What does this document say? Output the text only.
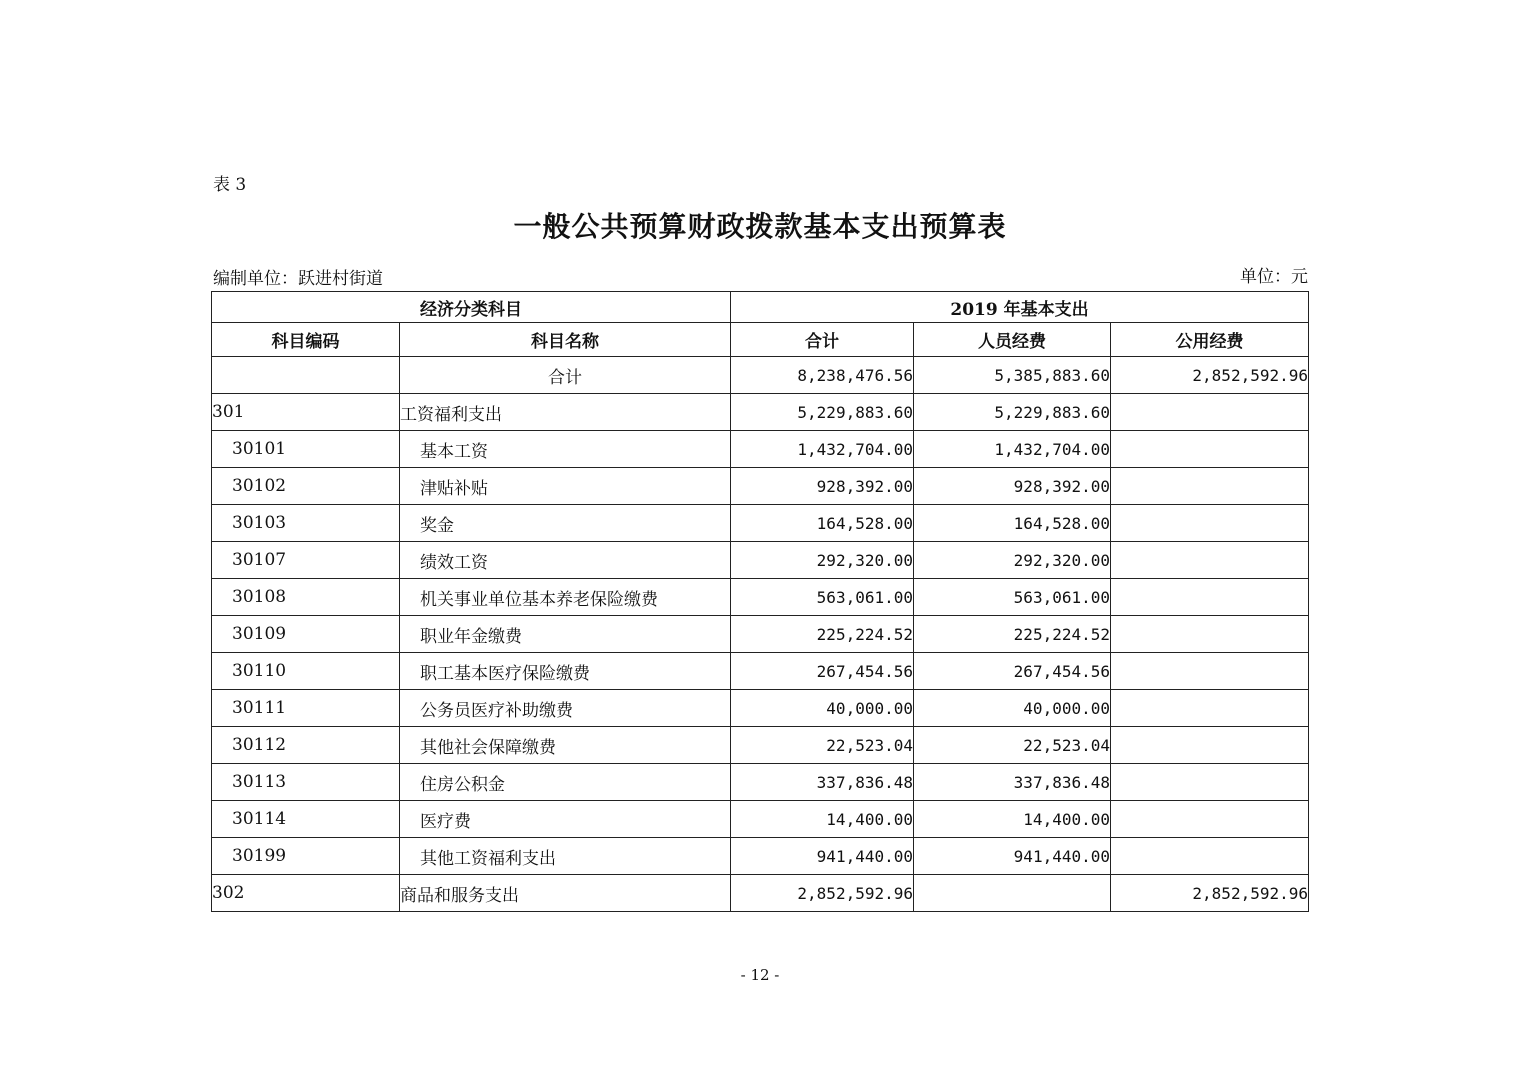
表 3
一般公共预算财政拨款基本支出预算表
编制单位：跃进村街道	单位：元
经济分类科目		2019 年基本支出		
科目编码	科目名称	合计	人员经费	公用经费
	合计	8,238,476.56	5,385,883.60	2,852,592.96
301	工资福利支出	5,229,883.60	5,229,883.60	
30101	基本工资	1,432,704.00	1,432,704.00	
30102	津贴补贴	928,392.00	928,392.00	
30103	奖金	164,528.00	164,528.00	
30107	绩效工资	292,320.00	292,320.00	
30108	机关事业单位基本养老保险缴费	563,061.00	563,061.00	
30109	职业年金缴费	225,224.52	225,224.52	
30110	职工基本医疗保险缴费	267,454.56	267,454.56	
30111	公务员医疗补助缴费	40,000.00	40,000.00	
30112	其他社会保障缴费	22,523.04	22,523.04	
30113	住房公积金	337,836.48	337,836.48	
30114	医疗费	14,400.00	14,400.00	
30199	其他工资福利支出	941,440.00	941,440.00	
302	商品和服务支出	2,852,592.96		2,852,592.96
- 12 -
